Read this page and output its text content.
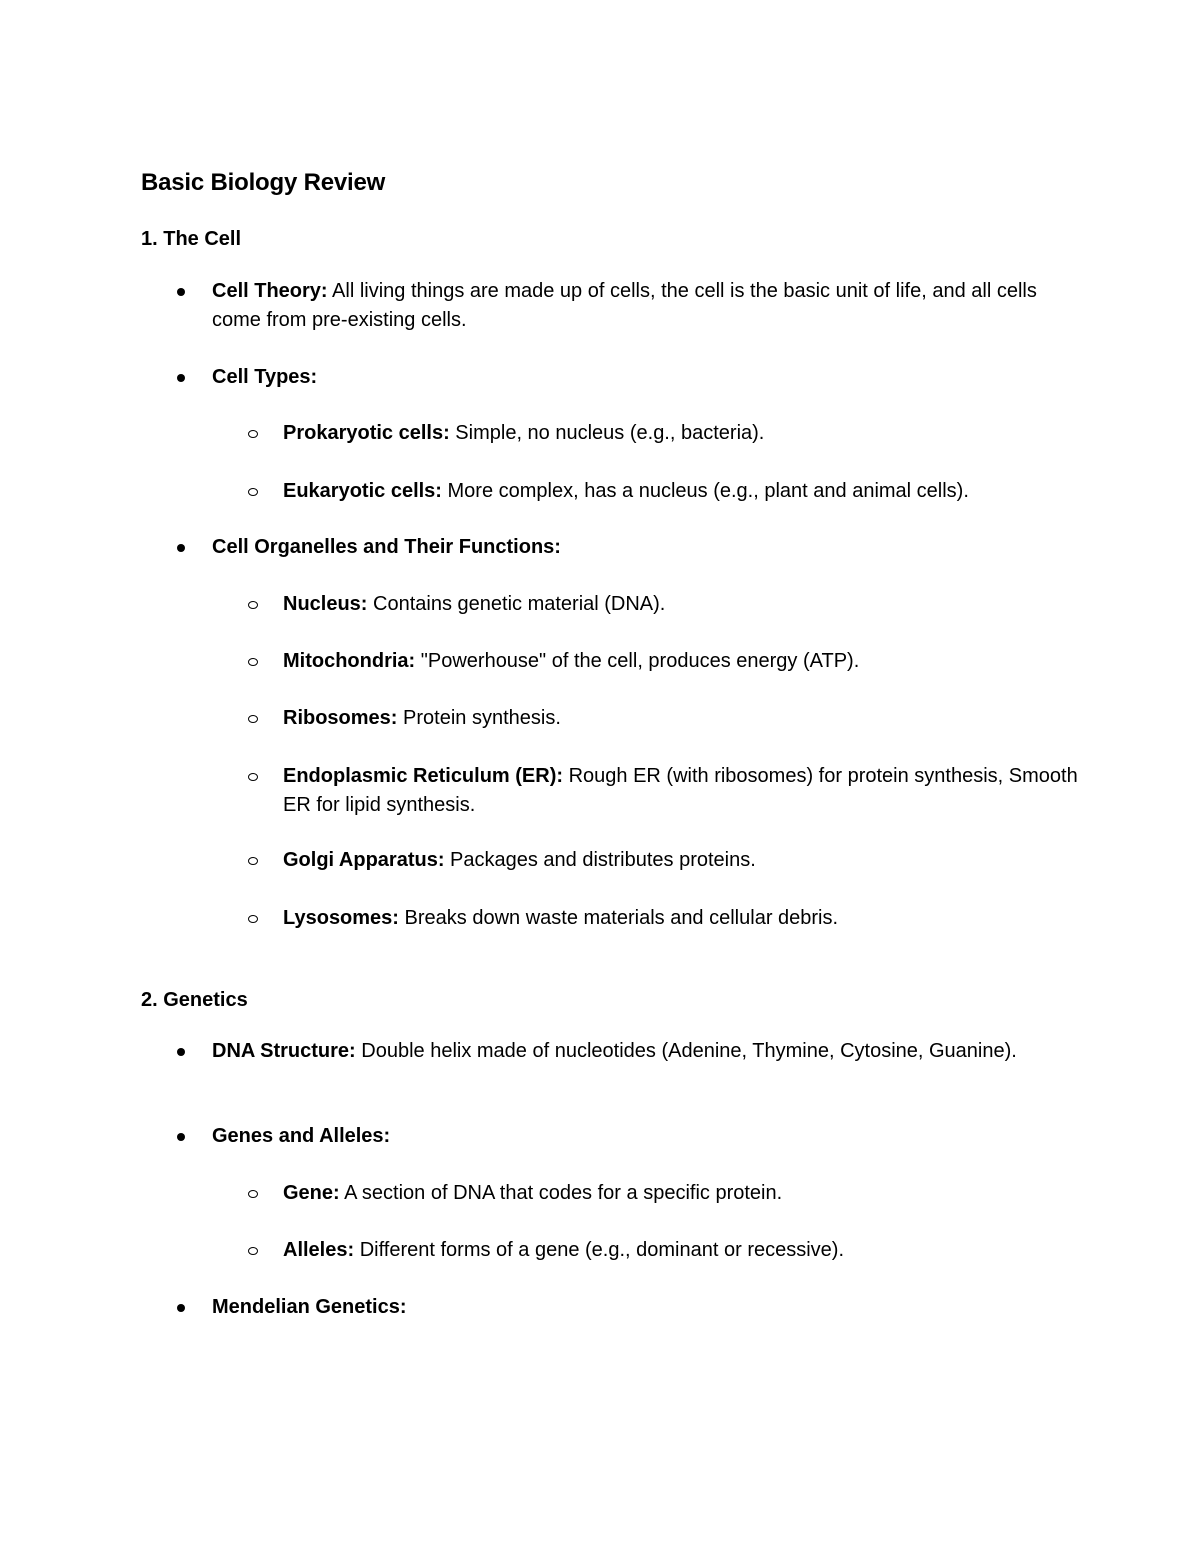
Basic Biology Review
1. The Cell

Cell Theory: All living things are made up of cells, the cell is the basic unit of life, and all cells come from pre-existing cells.

Cell Types:

Prokaryotic cells: Simple, no nucleus (e.g., bacteria).

Eukaryotic cells: More complex, has a nucleus (e.g., plant and animal cells).

Cell Organelles and Their Functions:

Nucleus: Contains genetic material (DNA).

Mitochondria: "Powerhouse" of the cell, produces energy (ATP).

Ribosomes: Protein synthesis.

Endoplasmic Reticulum (ER): Rough ER (with ribosomes) for protein synthesis, Smooth ER for lipid synthesis.

Golgi Apparatus: Packages and distributes proteins.

Lysosomes: Breaks down waste materials and cellular debris.

2. Genetics

DNA Structure: Double helix made of nucleotides (Adenine, Thymine, Cytosine, Guanine).

Genes and Alleles:

Gene: A section of DNA that codes for a specific protein.

Alleles: Different forms of a gene (e.g., dominant or recessive).

Mendelian Genetics:
